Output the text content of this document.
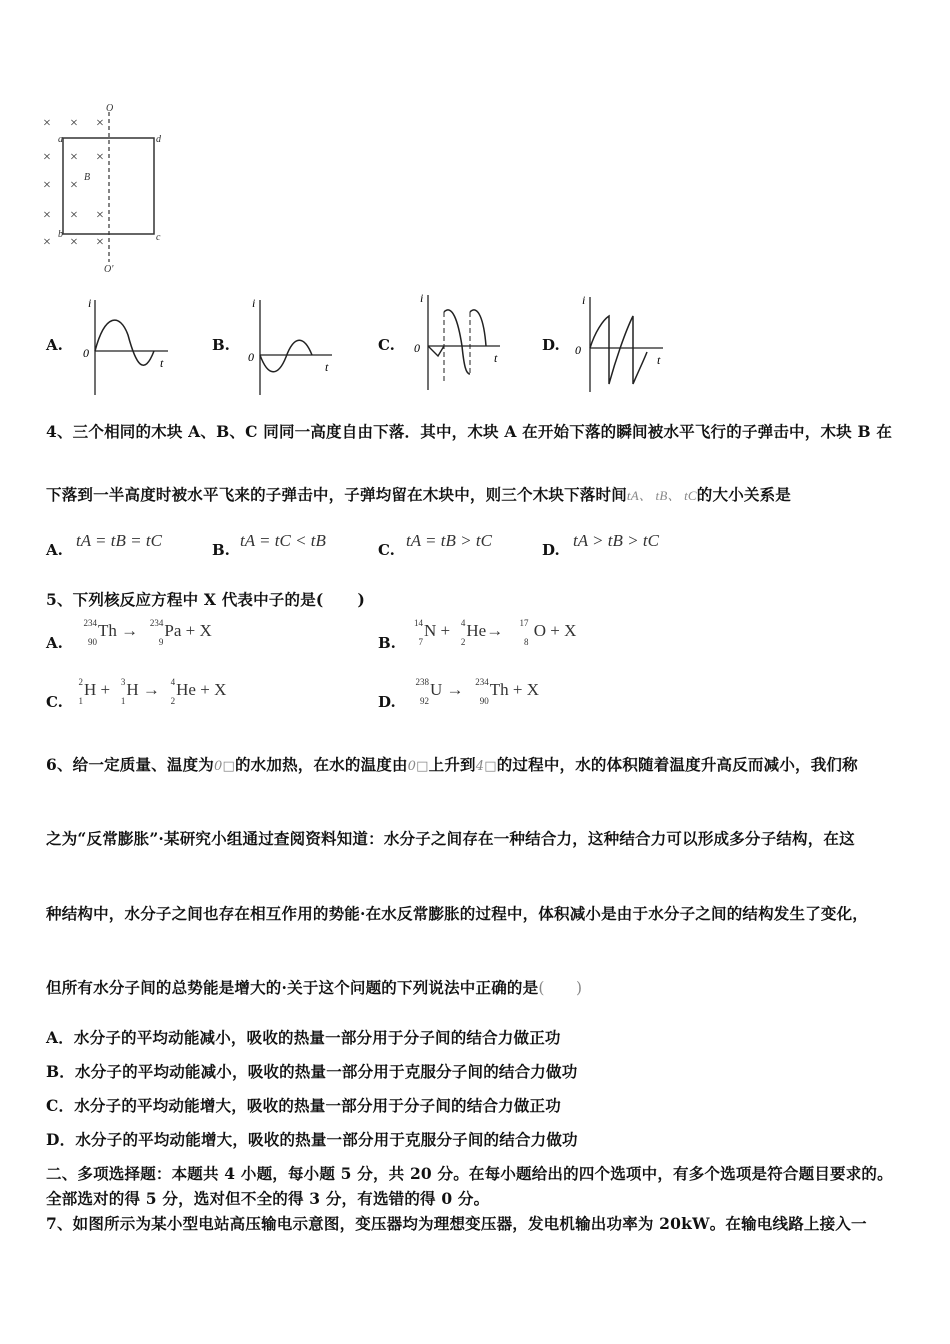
× × ×
× × ×
× ×
× × ×
× × ×
O
O'
a	d
b	c
B
A.
i
t
0	B.
i
t
0
C.
i
t
0	D.
i
t
0
4、三个相同的木块 A、B、C 同同一高度自由下落．其中，木块 A 在开始下落的瞬间被水平飞行的子弹击中，木块 B 在
下落到一半高度时被水平飞来的子弹击中，子弹均留在木块中，则三个木块下落时间tA、 tB、 tC的大小关系是
A. tA = tB = tC	B. tA = tC < tB	C. tA = tB > tC	D. tA > tB > tC
5、下列核反应方程中 X 代表中子的是( )
A.
234
90
Th → 234
9
Pa + X
B.
14
7
N + 4
2
He→ 17
8
O + X
C.
2
1
H + 3
1
H → 4
2
He + X
D.
238
92
U → 234
90
Th + X
6、给一定质量、温度为0□的水加热，在水的温度由0□上升到4□的过程中，水的体积随着温度升高反而减小，我们称
之为“反常膨胀”·某研究小组通过查阅资料知道：水分子之间存在一种结合力，这种结合力可以形成多分子结构，在这
种结构中，水分子之间也存在相互作用的势能·在水反常膨胀的过程中，体积减小是由于水分子之间的结构发生了变化，
但所有水分子间的总势能是增大的·关于这个问题的下列说法中正确的是(　　)
A．水分子的平均动能减小，吸收的热量一部分用于分子间的结合力做正功
B．水分子的平均动能减小，吸收的热量一部分用于克服分子间的结合力做功
C．水分子的平均动能增大，吸收的热量一部分用于分子间的结合力做正功
D．水分子的平均动能增大，吸收的热量一部分用于克服分子间的结合力做功
二、多项选择题：本题共 4 小题，每小题 5 分，共 20 分。在每小题给出的四个选项中，有多个选项是符合题目要求的。
全部选对的得 5 分，选对但不全的得 3 分，有选错的得 0 分。
7、如图所示为某小型电站高压输电示意图，变压器均为理想变压器，发电机输出功率为 20kW。在输电线路上接入一
